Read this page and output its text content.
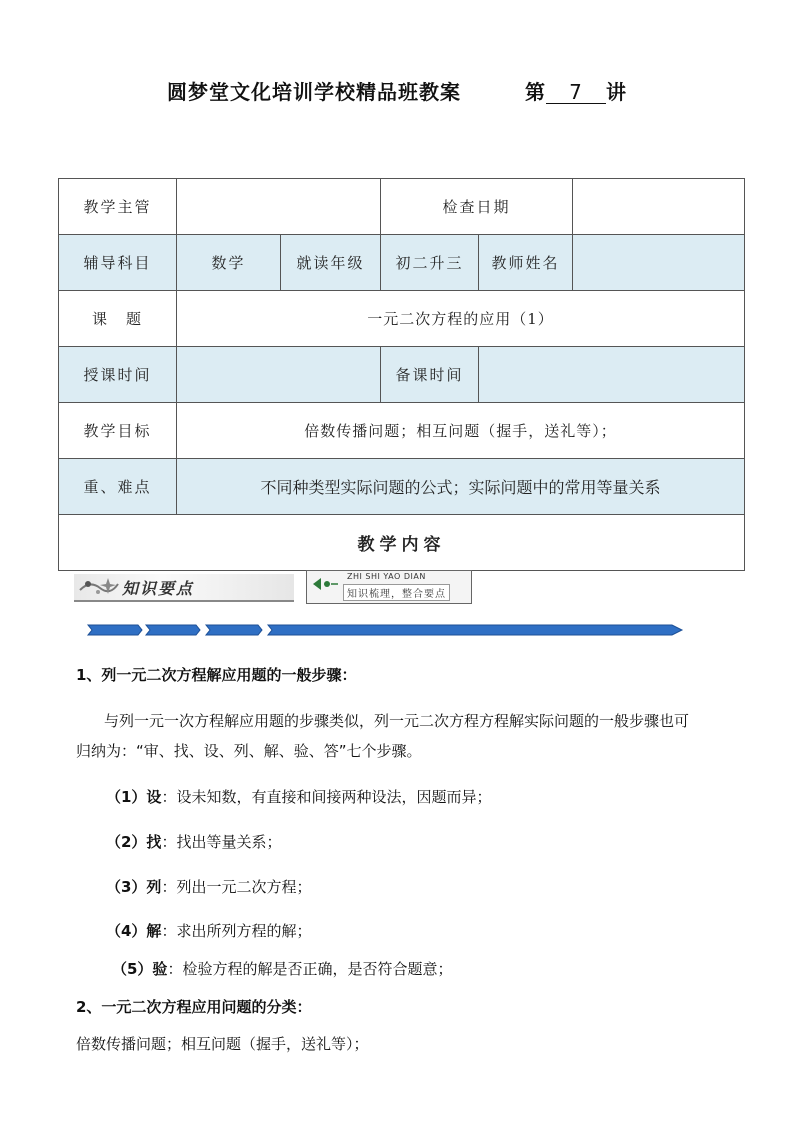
圆梦堂文化培训学校精品班教案	第 7 讲
教学主管			检查日期		
辅导科目	数学	就读年级	初二升三	教师姓名	
课　题	一元二次方程的应用（1）				
授课时间			备课时间		
教学目标	倍数传播问题；相互问题（握手，送礼等）；				
重、难点	不同种类型实际问题的公式；实际问题中的常用等量关系				
教学内容					
知识要点
ZHI SHI YAO DIAN
知识梳理，整合要点
1、列一元二次方程解应用题的一般步骤：
与列一元一次方程解应用题的步骤类似，列一元二次方程方程解实际问题的一般步骤也可
归纳为：“审、找、设、列、解、验、答”七个步骤。
（1）设：设未知数，有直接和间接两种设法，因题而异；
（2）找：找出等量关系；
（3）列：列出一元二次方程；
（4）解：求出所列方程的解；
（5）验：检验方程的解是否正确，是否符合题意；
2、一元二次方程应用问题的分类：
倍数传播问题；相互问题（握手，送礼等）；
